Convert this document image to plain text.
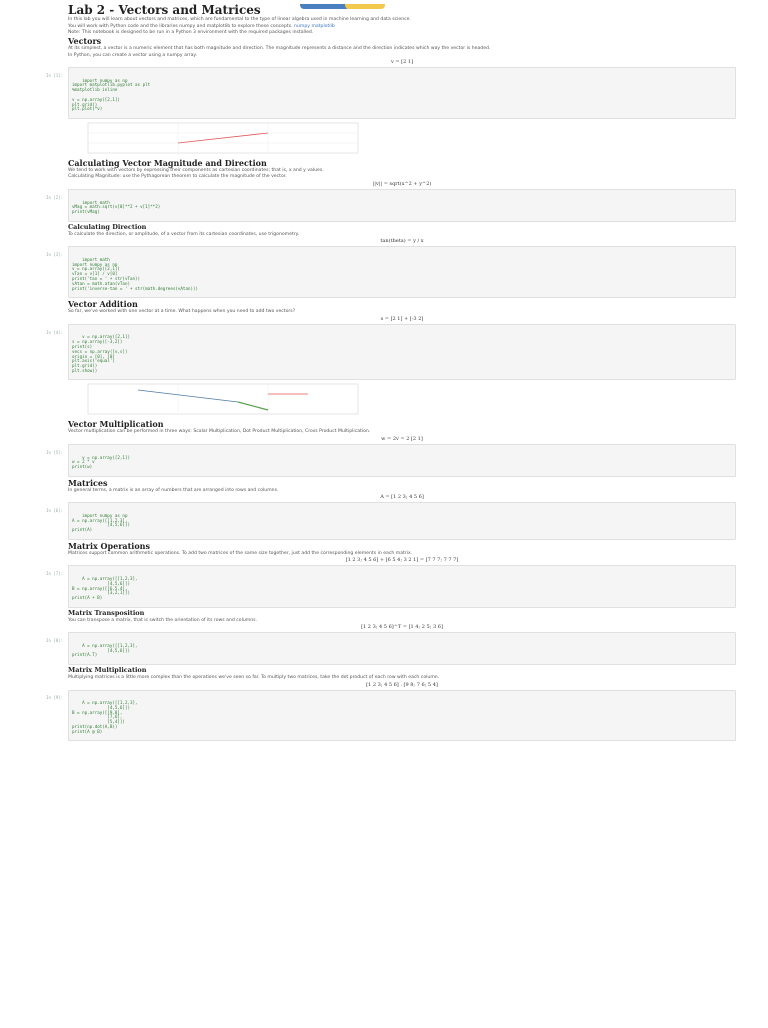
Lab 2 - Vectors and Matrices

In this lab you will learn about vectors and matrices, which are fundamental to the type of linear algebra used in machine learning and data science.

You will work with Python code and the libraries numpy and matplotlib to explore these concepts. numpy matplotlib

Note: This notebook is designed to be run in a Python 3 environment with the required packages installed.

Vectors

At its simplest, a vector is a numeric element that has both magnitude and direction. The magnitude represents a distance and the direction indicates which way the vector is headed.

In Python, you can create a vector using a numpy array.

v = [2 1]

In [1]:

import numpy as np
import matplotlib.pyplot as plt
%matplotlib inline

v = np.array([2,1])
plt.grid()
plt.plot(*v)

Calculating Vector Magnitude and Direction

We tend to work with vectors by expressing their components as cartesian coordinates; that is, x and y values.

Calculating Magnitude: use the Pythagorean theorem to calculate the magnitude of the vector.

||v|| = sqrt(x^2 + y^2)

In [2]:

import math
vMag = math.sqrt(v[0]**2 + v[1]**2)
print(vMag)

Calculating Direction

To calculate the direction, or amplitude, of a vector from its cartesian coordinates, use trigonometry.

tan(theta) = y / x

In [3]:

import math
import numpy as np
v = np.array([2,1])
vTan = v[1] / v[0]
print('tan = ' + str(vTan))
vAtan = math.atan(vTan)
print('inverse-tan = ' + str(math.degrees(vAtan)))

Vector Addition

So far, we've worked with one vector at a time. What happens when you need to add two vectors?

s = [2 1] + [-3 2]

In [4]:

v = np.array([2,1])
s = np.array([-3,2])
print(s)
vecs = np.array([v,s])
origin = [0], [0]
plt.axis('equal')
plt.grid()
plt.show()

Vector Multiplication

Vector multiplication can be performed in three ways: Scalar Multiplication, Dot Product Multiplication, Cross Product Multiplication.

w = 2v = 2 [2 1]

In [5]:

v = np.array([2,1])
w = 2 * v
print(w)

Matrices

In general terms, a matrix is an array of numbers that are arranged into rows and columns.

A = [1 2 3; 4 5 6]

In [6]:

import numpy as np
A = np.array([[1,2,3],
[4,5,6]])
print(A)

Matrix Operations

Matrices support common arithmetic operations. To add two matrices of the same size together, just add the corresponding elements in each matrix.

[1 2 3; 4 5 6] + [6 5 4; 3 2 1] = [7 7 7; 7 7 7]

In [7]:

A = np.array([[1,2,3],
[4,5,6]])
B = np.array([[6,5,4],
[3,2,1]])
print(A + B)

Matrix Transposition

You can transpose a matrix, that is switch the orientation of its rows and columns.

[1 2 3; 4 5 6]^T = [1 4; 2 5; 3 6]

In [8]:

A = np.array([[1,2,3],
[4,5,6]])
print(A.T)

Matrix Multiplication

Multiplying matrices is a little more complex than the operations we've seen so far. To multiply two matrices, take the dot product of each row with each column.

[1 2 3; 4 5 6] . [9 8; 7 6; 5 4]

In [9]:

A = np.array([[1,2,3],
[4,5,6]])
B = np.array([[9,8],
[7,6],
[5,4]])
print(np.dot(A,B))
print(A @ B)
